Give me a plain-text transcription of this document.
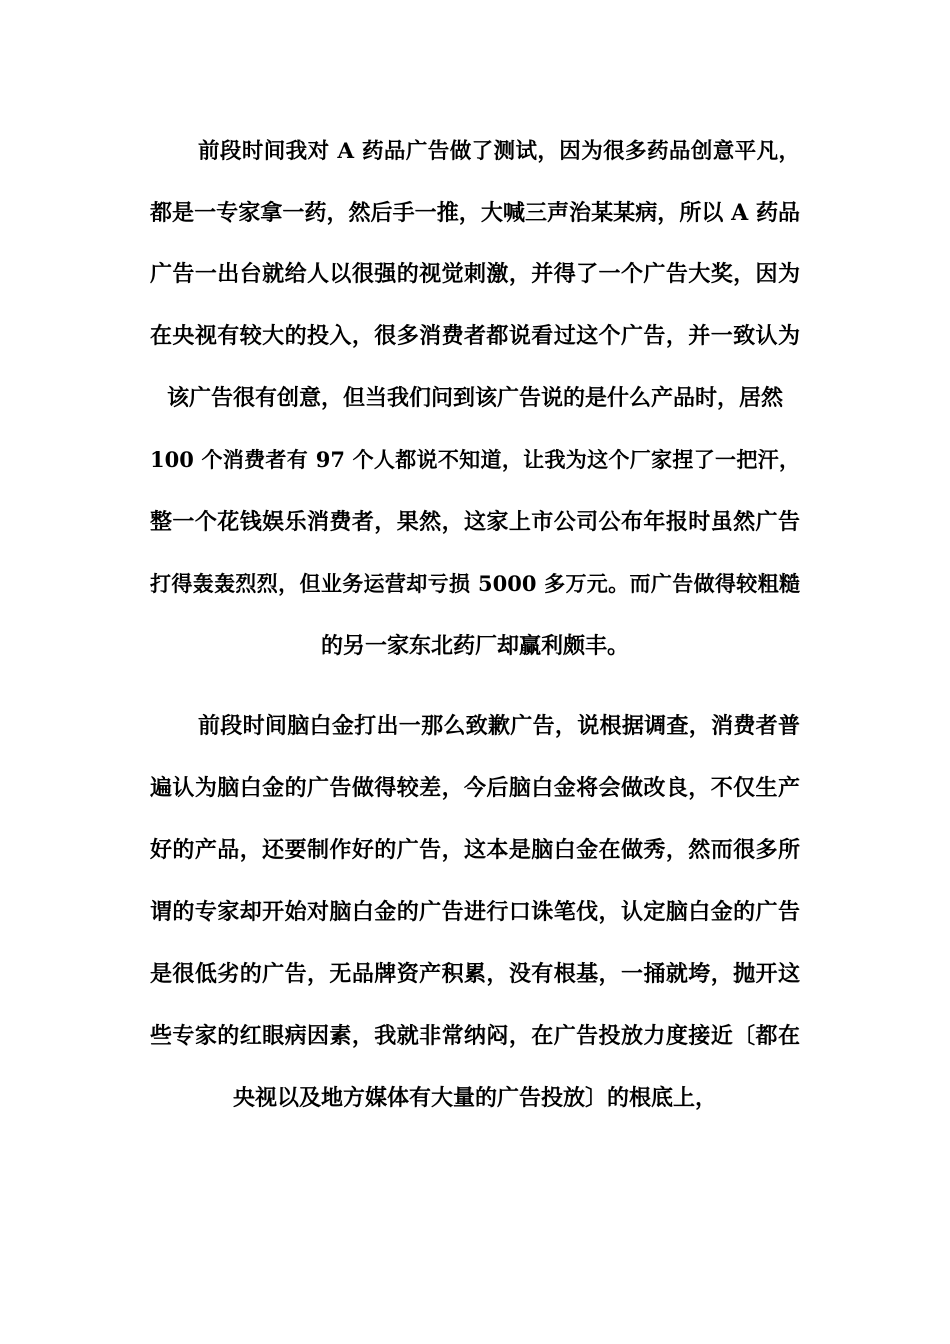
前段时间我对 A 药品广告做了测试，因为很多药品创意平凡，
都是一专家拿一药，然后手一推，大喊三声治某某病，所以 A 药品
广告一出台就给人以很强的视觉刺激，并得了一个广告大奖，因为
在央视有较大的投入，很多消费者都说看过这个广告，并一致认为
该广告很有创意，但当我们问到该广告说的是什么产品时，居然
100 个消费者有 97 个人都说不知道，让我为这个厂家捏了一把汗，
整一个花钱娱乐消费者，果然，这家上市公司公布年报时虽然广告
打得轰轰烈烈，但业务运营却亏损 5000 多万元。而广告做得较粗糙
的另一家东北药厂却赢利颇丰。
前段时间脑白金打出一那么致歉广告，说根据调查，消费者普
遍认为脑白金的广告做得较差，今后脑白金将会做改良，不仅生产
好的产品，还要制作好的广告，这本是脑白金在做秀，然而很多所
谓的专家却开始对脑白金的广告进行口诛笔伐，认定脑白金的广告
是很低劣的广告，无品牌资产积累，没有根基，一捅就垮，抛开这
些专家的红眼病因素，我就非常纳闷，在广告投放力度接近〔都在
央视以及地方媒体有大量的广告投放〕的根底上，
